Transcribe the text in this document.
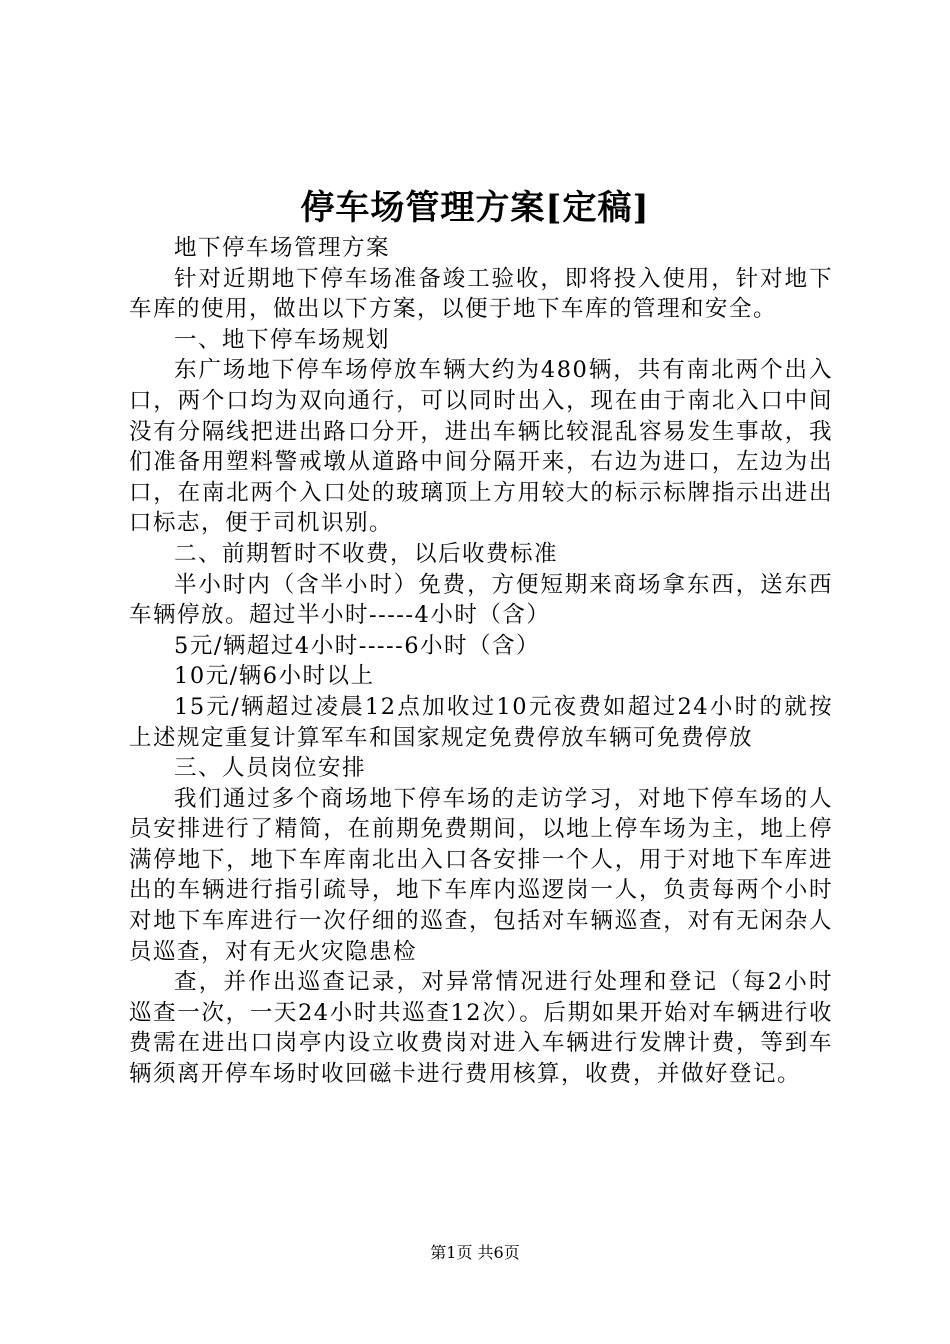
停车场管理方案[定稿]

地下停车场管理方案

针对近期地下停车场准备竣工验收，即将投入使用，针对地下车库的使用，做出以下方案，以便于地下车库的管理和安全。

一、地下停车场规划

东广场地下停车场停放车辆大约为480辆，共有南北两个出入口，两个口均为双向通行，可以同时出入，现在由于南北入口中间没有分隔线把进出路口分开，进出车辆比较混乱容易发生事故，我们准备用塑料警戒墩从道路中间分隔开来，右边为进口，左边为出口，在南北两个入口处的玻璃顶上方用较大的标示标牌指示出进出口标志，便于司机识别。

二、前期暂时不收费，以后收费标准

半小时内（含半小时）免费，方便短期来商场拿东西，送东西车辆停放。超过半小时-----4小时（含）

5元/辆超过4小时-----6小时（含）

10元/辆6小时以上

15元/辆超过凌晨12点加收过10元夜费如超过24小时的就按上述规定重复计算军车和国家规定免费停放车辆可免费停放

三、人员岗位安排

我们通过多个商场地下停车场的走访学习，对地下停车场的人员安排进行了精简，在前期免费期间，以地上停车场为主，地上停满停地下，地下车库南北出入口各安排一个人，用于对地下车库进出的车辆进行指引疏导，地下车库内巡逻岗一人，负责每两个小时对地下车库进行一次仔细的巡查，包括对车辆巡查，对有无闲杂人员巡查，对有无火灾隐患检

查，并作出巡查记录，对异常情况进行处理和登记（每2小时巡查一次，一天24小时共巡查12次）。后期如果开始对车辆进行收费需在进出口岗亭内设立收费岗对进入车辆进行发牌计费，等到车辆须离开停车场时收回磁卡进行费用核算，收费，并做好登记。

第1页 共6页
